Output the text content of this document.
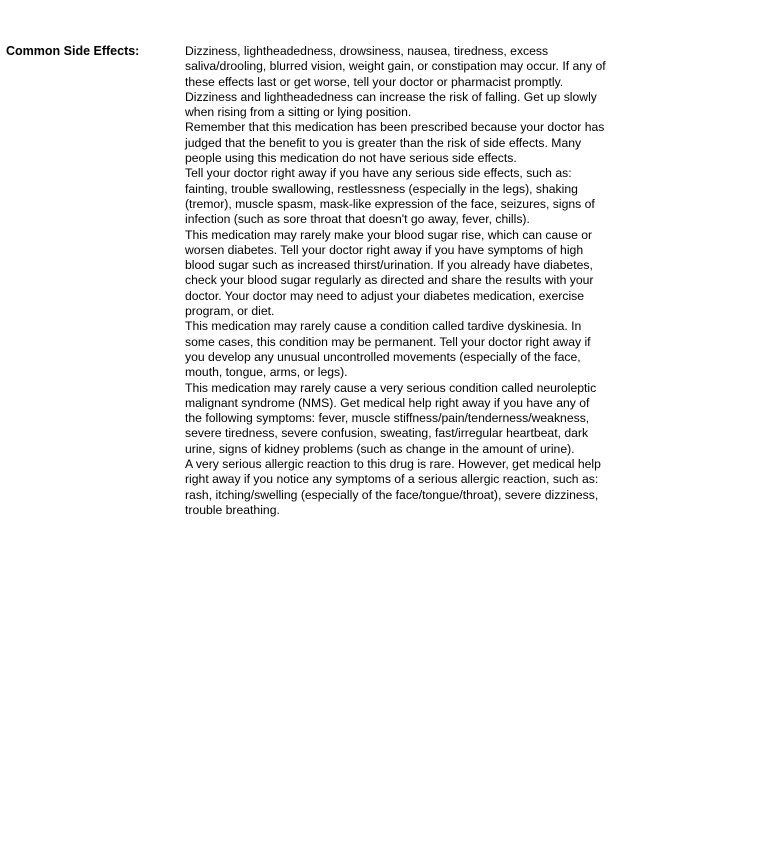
Common Side Effects:	Dizziness, lightheadedness, drowsiness, nausea, tiredness, excess saliva/drooling, blurred vision, weight gain, or constipation may occur. If any of these effects last or get worse, tell your doctor or pharmacist promptly.

Dizziness and lightheadedness can increase the risk of falling. Get up slowly when rising from a sitting or lying position.

Remember that this medication has been prescribed because your doctor has judged that the benefit to you is greater than the risk of side effects. Many people using this medication do not have serious side effects.

Tell your doctor right away if you have any serious side effects, such as: fainting, trouble swallowing, restlessness (especially in the legs), shaking (tremor), muscle spasm, mask-like expression of the face, seizures, signs of infection (such as sore throat that doesn't go away, fever, chills).

This medication may rarely make your blood sugar rise, which can cause or worsen diabetes. Tell your doctor right away if you have symptoms of high blood sugar such as increased thirst/urination. If you already have diabetes, check your blood sugar regularly as directed and share the results with your doctor. Your doctor may need to adjust your diabetes medication, exercise program, or diet.

This medication may rarely cause a condition called tardive dyskinesia. In some cases, this condition may be permanent. Tell your doctor right away if you develop any unusual uncontrolled movements (especially of the face, mouth, tongue, arms, or legs).

This medication may rarely cause a very serious condition called neuroleptic malignant syndrome (NMS). Get medical help right away if you have any of the following symptoms: fever, muscle stiffness/pain/tenderness/weakness, severe tiredness, severe confusion, sweating, fast/irregular heartbeat, dark urine, signs of kidney problems (such as change in the amount of urine).

A very serious allergic reaction to this drug is rare. However, get medical help right away if you notice any symptoms of a serious allergic reaction, such as: rash, itching/swelling (especially of the face/tongue/throat), severe dizziness, trouble breathing.
